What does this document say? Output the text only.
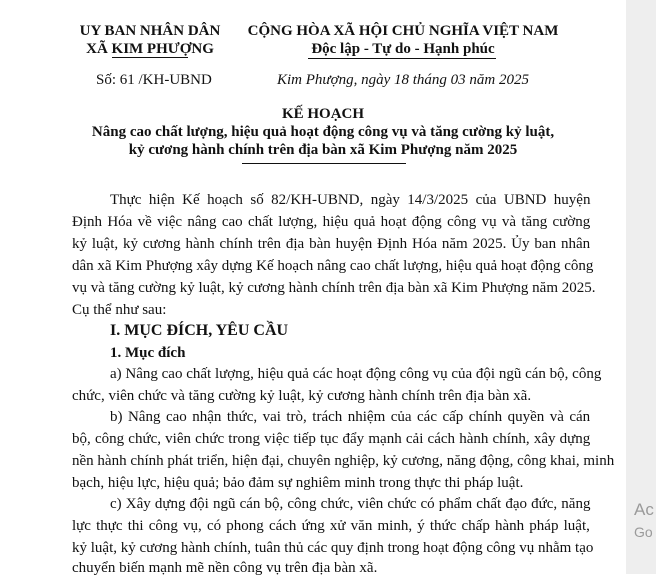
UY BAN NHÂN DÂN
XÃ KIM PHƯỢNG
CỘNG HÒA XÃ HỘI CHỦ NGHĨA VIỆT NAM
Độc lập - Tự do - Hạnh phúc
Số: 61 /KH-UBND	Kim Phượng, ngày 18 tháng 03 năm 2025
KẾ HOẠCH
Nâng cao chất lượng, hiệu quả hoạt động công vụ và tăng cường kỷ luật,
kỷ cương hành chính trên địa bàn xã Kim Phượng năm 2025
Thực hiện Kế hoạch số 82/KH-UBND, ngày 14/3/2025 của UBND huyện
Định Hóa về việc nâng cao chất lượng, hiệu quả hoạt động công vụ và tăng cường
kỷ luật, kỷ cương hành chính trên địa bàn huyện Định Hóa năm 2025. Ủy ban nhân
dân xã Kim Phượng xây dựng Kế hoạch nâng cao chất lượng, hiệu quả hoạt động công
vụ và tăng cường kỷ luật, kỷ cương hành chính trên địa bàn xã Kim Phượng năm 2025.
Cụ thể như sau:
I. MỤC ĐÍCH, YÊU CẦU
1. Mục đích
a) Nâng cao chất lượng, hiệu quả các hoạt động công vụ của đội ngũ cán bộ, công
chức, viên chức và tăng cường kỷ luật, kỷ cương hành chính trên địa bàn xã.
b) Nâng cao nhận thức, vai trò, trách nhiệm của các cấp chính quyền và cán
bộ, công chức, viên chức trong việc tiếp tục đẩy mạnh cải cách hành chính, xây dựng
nền hành chính phát triển, hiện đại, chuyên nghiệp, kỷ cương, năng động, công khai, minh
bạch, hiệu lực, hiệu quả; bảo đảm sự nghiêm minh trong thực thi pháp luật.
c) Xây dựng đội ngũ cán bộ, công chức, viên chức có phẩm chất đạo đức, năng
lực thực thi công vụ, có phong cách ứng xử văn minh, ý thức chấp hành pháp luật,
kỷ luật, kỷ cương hành chính, tuân thủ các quy định trong hoạt động công vụ nhằm tạo
chuyển biến mạnh mẽ nền công vụ trên địa bàn xã.
Ac
Go
